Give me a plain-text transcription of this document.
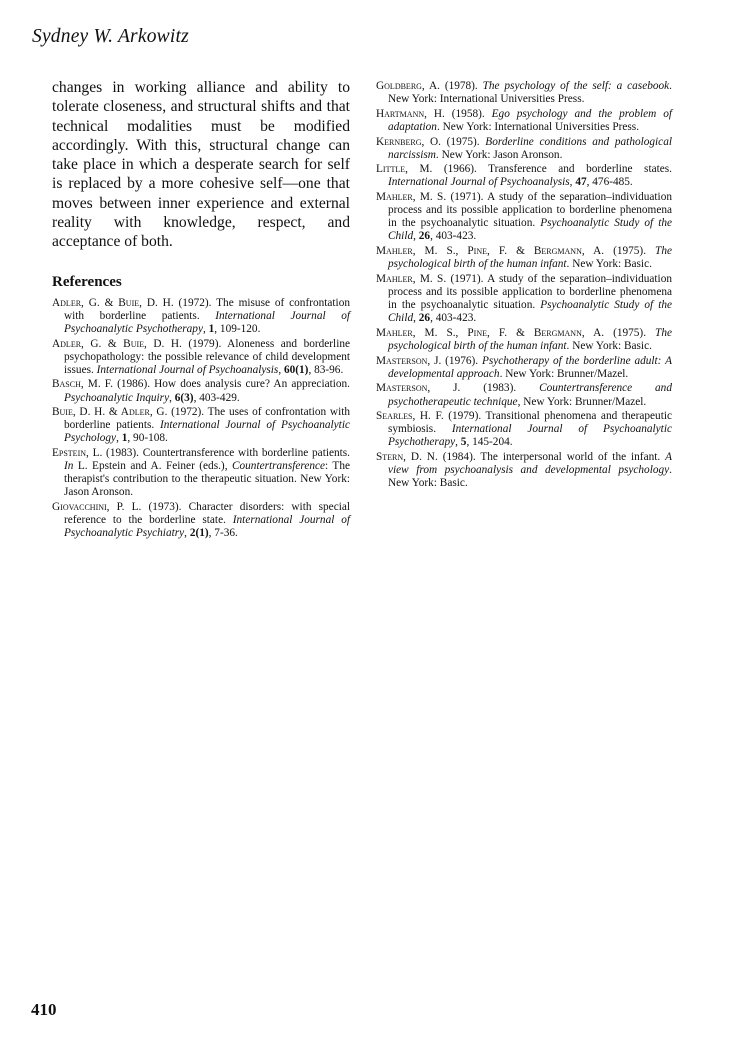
Sydney W. Arkowitz

changes in working alliance and ability to tolerate closeness, and structural shifts and that technical modalities must be modified accordingly. With this, structural change can take place in which a desperate search for self is replaced by a more cohesive self—one that moves between inner experience and external reality with knowledge, respect, and acceptance of both.

References

Adler, G. & Buie, D. H. (1972). The misuse of confrontation with borderline patients. International Journal of Psychoanalytic Psychotherapy, 1, 109-120.

Adler, G. & Buie, D. H. (1979). Aloneness and borderline psychopathology: the possible relevance of child development issues. International Journal of Psychoanalysis, 60(1), 83-96.

Basch, M. F. (1986). How does analysis cure? An appreciation. Psychoanalytic Inquiry, 6(3), 403-429.

Buie, D. H. & Adler, G. (1972). The uses of confrontation with borderline patients. International Journal of Psychoanalytic Psychology, 1, 90-108.

Epstein, L. (1983). Countertransference with borderline patients. In L. Epstein and A. Feiner (eds.), Countertransference: The therapist's contribution to the therapeutic situation. New York: Jason Aronson.

Giovacchini, P. L. (1973). Character disorders: with special reference to the borderline state. International Journal of Psychoanalytic Psychiatry, 2(1), 7-36.

Goldberg, A. (1978). The psychology of the self: a casebook. New York: International Universities Press.

Hartmann, H. (1958). Ego psychology and the problem of adaptation. New York: International Universities Press.

Kernberg, O. (1975). Borderline conditions and pathological narcissism. New York: Jason Aronson.

Little, M. (1966). Transference and borderline states. International Journal of Psychoanalysis, 47, 476-485.

Mahler, M. S. (1971). A study of the separation–individuation process and its possible application to borderline phenomena in the psychoanalytic situation. Psychoanalytic Study of the Child, 26, 403-423.

Mahler, M. S., Pine, F. & Bergmann, A. (1975). The psychological birth of the human infant. New York: Basic.

Mahler, M. S. (1971). A study of the separation–individuation process and its possible application to borderline phenomena in the psychoanalytic situation. Psychoanalytic Study of the Child, 26, 403-423.

Mahler, M. S., Pine, F. & Bergmann, A. (1975). The psychological birth of the human infant. New York: Basic.

Masterson, J. (1976). Psychotherapy of the borderline adult: A developmental approach. New York: Brunner/Mazel.

Masterson, J. (1983). Countertransference and psychotherapeutic technique, New York: Brunner/Mazel.

Searles, H. F. (1979). Transitional phenomena and therapeutic symbiosis. International Journal of Psychoanalytic Psychotherapy, 5, 145-204.

Stern, D. N. (1984). The interpersonal world of the infant. A view from psychoanalysis and developmental psychology. New York: Basic.

410
